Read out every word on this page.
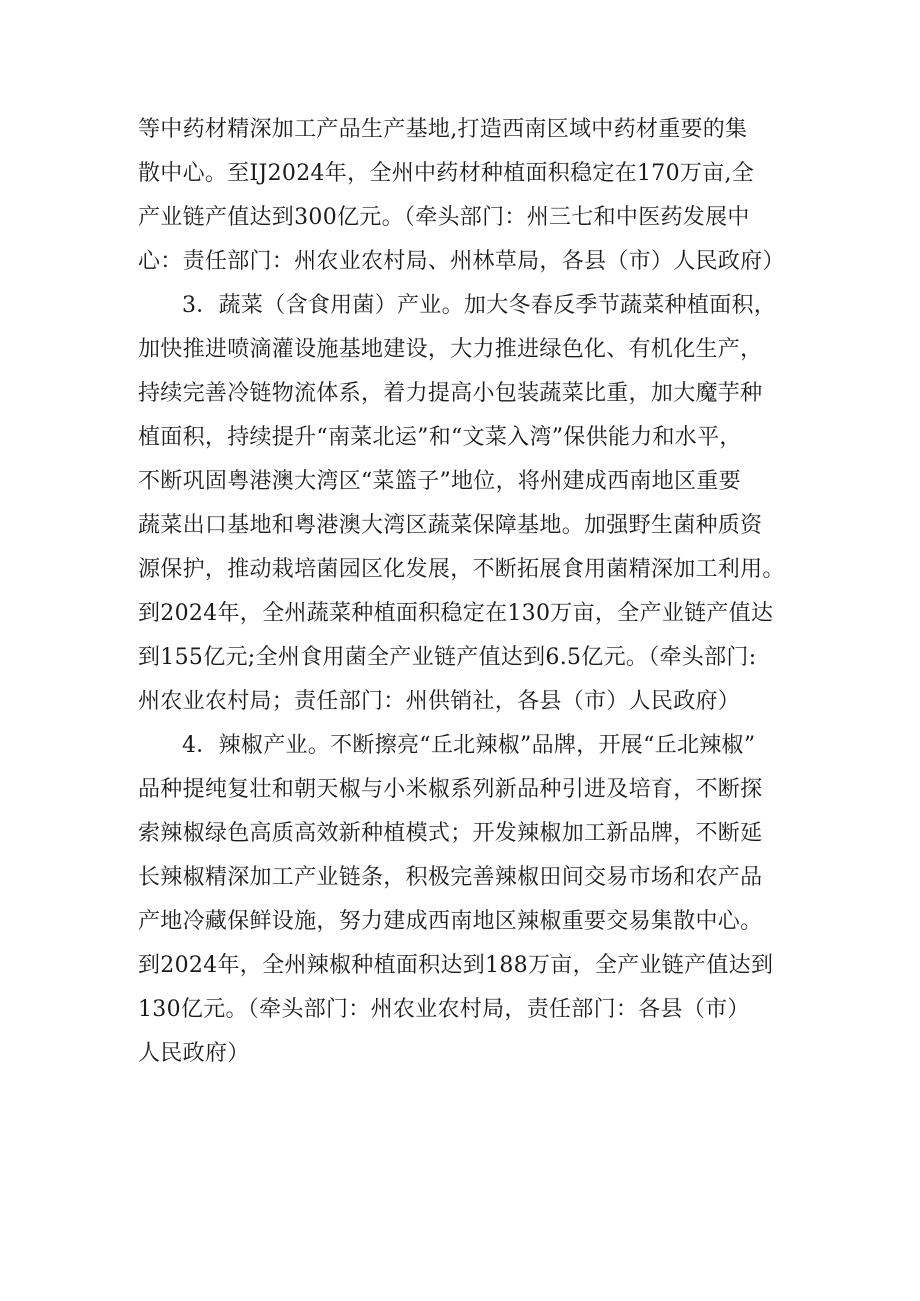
等中药材精深加工产品生产基地,打造西南区域中药材重要的集
散中心。至IJ2024年，全州中药材种植面积稳定在170万亩,全
产业链产值达到300亿元。（牵头部门：州三七和中医药发展中
心：责任部门：州农业农村局、州林草局，各县（市）人民政府）
3．蔬菜（含食用菌）产业。加大冬春反季节蔬菜种植面积，
加快推进喷滴灌设施基地建设，大力推进绿色化、有机化生产，
持续完善冷链物流体系，着力提高小包装蔬菜比重，加大魔芋种
植面积，持续提升“南菜北运”和“文菜入湾”保供能力和水平，
不断巩固粤港澳大湾区“菜篮子”地位，将州建成西南地区重要
蔬菜出口基地和粤港澳大湾区蔬菜保障基地。加强野生菌种质资
源保护，推动栽培菌园区化发展，不断拓展食用菌精深加工利用。
到2024年，全州蔬菜种植面积稳定在130万亩，全产业链产值达
到155亿元;全州食用菌全产业链产值达到6.5亿元。（牵头部门:
州农业农村局；责任部门：州供销社，各县（市）人民政府）
4．辣椒产业。不断擦亮“丘北辣椒”品牌，开展“丘北辣椒”
品种提纯复壮和朝天椒与小米椒系列新品种引进及培育，不断探
索辣椒绿色高质高效新种植模式；开发辣椒加工新品牌，不断延
长辣椒精深加工产业链条，积极完善辣椒田间交易市场和农产品
产地冷藏保鲜设施，努力建成西南地区辣椒重要交易集散中心。
到2024年，全州辣椒种植面积达到188万亩，全产业链产值达到
130亿元。（牵头部门：州农业农村局，责任部门：各县（市）
人民政府）
